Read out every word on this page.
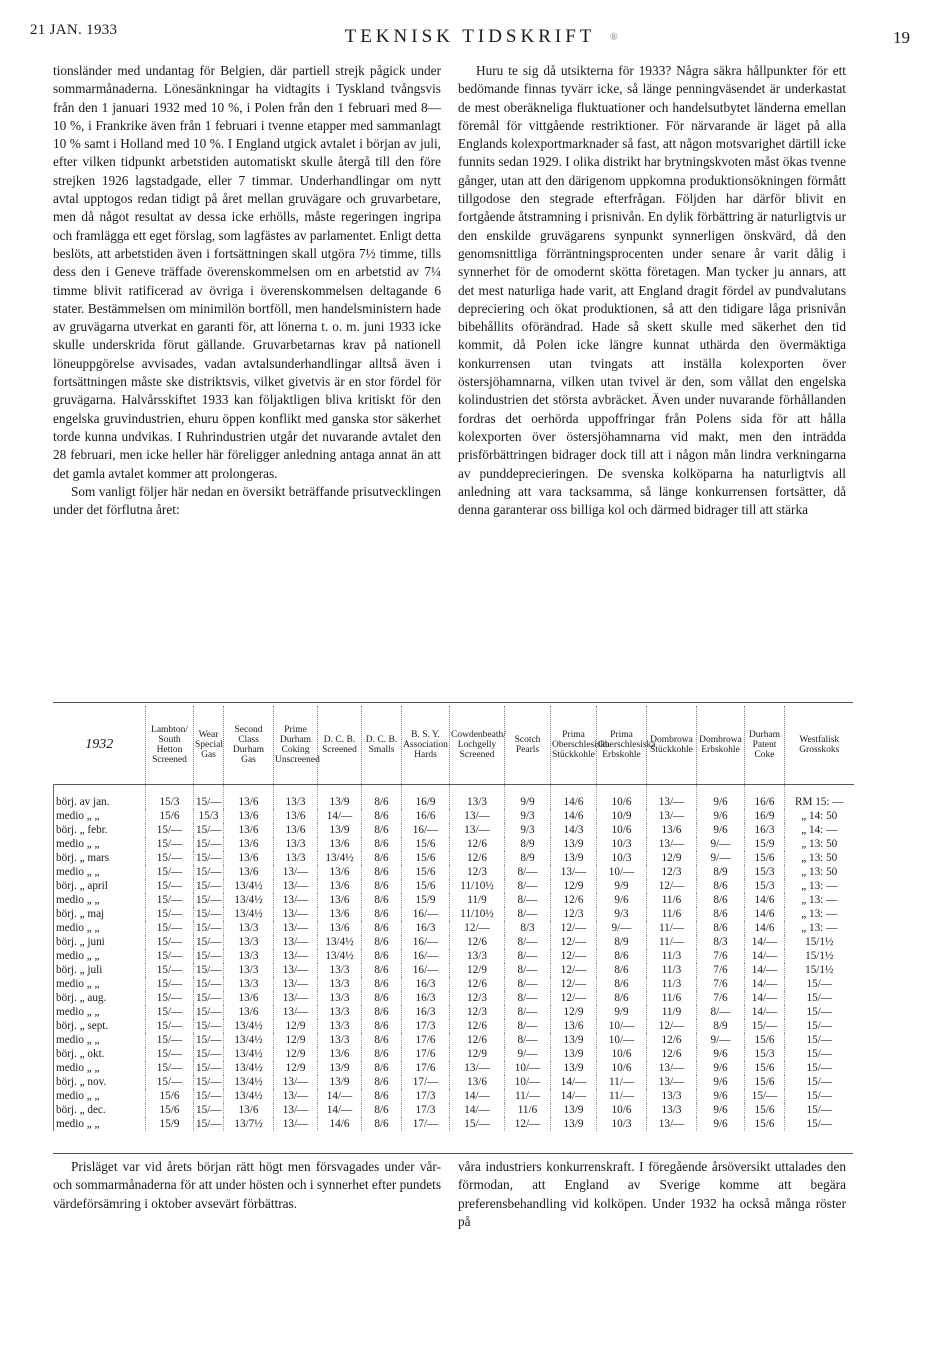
21 JAN. 1933	TEKNISK TIDSKRIFT	®	19

tionsländer med undantag för Belgien, där partiell strejk pågick under sommarmånaderna. Lönesänkningar ha vidtagits i Tyskland tvångsvis från den 1 januari 1932 med 10 %, i Polen från den 1 februari med 8—10 %, i Frankrike även från 1 februari i tvenne etapper med sammanlagt 10 % samt i Holland med 10 %. I England utgick avtalet i början av juli, efter vilken tidpunkt arbetstiden automatiskt skulle återgå till den före strejken 1926 lagstadgade, eller 7 timmar. Underhandlingar om nytt avtal upptogos redan tidigt på året mellan gruvägare och gruvarbetare, men då något resultat av dessa icke erhölls, måste regeringen ingripa och framlägga ett eget förslag, som lagfästes av parlamentet. Enligt detta beslöts, att arbetstiden även i fortsättningen skall utgöra 7½ timme, tills dess den i Geneve träffade överenskommelsen om en arbetstid av 7¼ timme blivit ratificerad av övriga i överenskommelsen deltagande 6 stater. Bestämmelsen om minimilön bortföll, men handelsministern hade av gruvägarna utverkat en garanti för, att lönerna t. o. m. juni 1933 icke skulle underskrida förut gällande. Gruvarbetarnas krav på nationell löneuppgörelse avvisades, vadan avtalsunderhandlingar alltså även i fortsättningen måste ske distriktsvis, vilket givetvis är en stor fördel för gruvägarna. Halvårsskiftet 1933 kan följaktligen bliva kritiskt för den engelska gruvindustrien, ehuru öppen konflikt med ganska stor säkerhet torde kunna undvikas. I Ruhrindustrien utgår det nuvarande avtalet den 28 februari, men icke heller här föreligger anledning antaga annat än att det gamla avtalet kommer att prolongeras.

Som vanligt följer här nedan en översikt beträffande prisutvecklingen under det förflutna året:

Huru te sig då utsikterna för 1933? Några säkra hållpunkter för ett bedömande finnas tyvärr icke, så länge penningväsendet är underkastat de mest oberäkneliga fluktuationer och handelsutbytet länderna emellan föremål för vittgående restriktioner. För närvarande är läget på alla Englands kolexportmarknader så fast, att någon motsvarighet därtill icke funnits sedan 1929. I olika distrikt har brytningskvoten måst ökas tvenne gånger, utan att den därigenom uppkomna produktionsökningen förmått tillgodose den stegrade efterfrågan. Följden har därför blivit en fortgående åtstramning i prisnivån. En dylik förbättring är naturligtvis ur den enskilde gruvägarens synpunkt synnerligen önskvärd, då den genomsnittliga förräntningsprocenten under senare år varit dålig i synnerhet för de omodernt skötta företagen. Man tycker ju annars, att det mest naturliga hade varit, att England dragit fördel av pundvalutans depreciering och ökat produktionen, så att den tidigare låga prisnivån bibehållits oförändrad. Hade så skett skulle med säkerhet den tid kommit, då Polen icke längre kunnat uthärda den övermäktiga konkurrensen utan tvingats att inställa kolexporten över östersjöhamnarna, vilken utan tvivel är den, som vållat den engelska kolindustrien det största avbräcket. Även under nuvarande förhållanden fordras det oerhörda uppoffringar från Polens sida för att hålla kolexporten över östersjöhamnarna vid makt, men den inträdda prisförbättringen bidrager dock till att i någon mån lindra verkningarna av punddeprecieringen. De svenska kolköparna ha naturligtvis all anledning att vara tacksamma, så länge konkurrensen fortsätter, då denna garanterar oss billiga kol och därmed bidrager till att stärka

1932	Lambton/ South Hetton Screened	Wear Special Gas	Second Class Durham Gas	Prime Durham Coking Unscreened	D. C. B. Screened	D. C. B. Smalls	B. S. Y. Association Hards	Cowdenbeath/ Lochgelly Screened	Scotch Pearls	Prima Oberschlesiska Stückkohle	Prima Oberschlesiska Erbskohle	Dombrowa Stückkohle	Dombrowa Erbskohle	Durham Patent Coke	Westfalisk Grosskoks
börj. av jan.	15/3	15/—	13/6	13/3	13/9	8/6	16/9	13/3	9/9	14/6	10/6	13/—	9/6	16/6	RM 15: —
medio „ „	15/6	15/3	13/6	13/6	14/—	8/6	16/6	13/—	9/3	14/6	10/9	13/—	9/6	16/9	„ 14: 50
börj. „ febr.	15/—	15/—	13/6	13/6	13/9	8/6	16/—	13/—	9/3	14/3	10/6	13/6	9/6	16/3	„ 14: —
medio „ „	15/—	15/—	13/6	13/3	13/6	8/6	15/6	12/6	8/9	13/9	10/3	13/—	9/—	15/9	„ 13: 50
börj. „ mars	15/—	15/—	13/6	13/3	13/4½	8/6	15/6	12/6	8/9	13/9	10/3	12/9	9/—	15/6	„ 13: 50
medio „ „	15/—	15/—	13/6	13/—	13/6	8/6	15/6	12/3	8/—	13/—	10/—	12/3	8/9	15/3	„ 13: 50
börj. „ april	15/—	15/—	13/4½	13/—	13/6	8/6	15/6	11/10½	8/—	12/9	9/9	12/—	8/6	15/3	„ 13: —
medio „ „	15/—	15/—	13/4½	13/—	13/6	8/6	15/9	11/9	8/—	12/6	9/6	11/6	8/6	14/6	„ 13: —
börj. „ maj	15/—	15/—	13/4½	13/—	13/6	8/6	16/—	11/10½	8/—	12/3	9/3	11/6	8/6	14/6	„ 13: —
medio „ „	15/—	15/—	13/3	13/—	13/6	8/6	16/3	12/—	8/3	12/—	9/—	11/—	8/6	14/6	„ 13: —
börj. „ juni	15/—	15/—	13/3	13/—	13/4½	8/6	16/—	12/6	8/—	12/—	8/9	11/—	8/3	14/—	15/1½
medio „ „	15/—	15/—	13/3	13/—	13/4½	8/6	16/—	13/3	8/—	12/—	8/6	11/3	7/6	14/—	15/1½
börj. „ juli	15/—	15/—	13/3	13/—	13/3	8/6	16/—	12/9	8/—	12/—	8/6	11/3	7/6	14/—	15/1½
medio „ „	15/—	15/—	13/3	13/—	13/3	8/6	16/3	12/6	8/—	12/—	8/6	11/3	7/6	14/—	15/—
börj. „ aug.	15/—	15/—	13/6	13/—	13/3	8/6	16/3	12/3	8/—	12/—	8/6	11/6	7/6	14/—	15/—
medio „ „	15/—	15/—	13/6	13/—	13/3	8/6	16/3	12/3	8/—	12/9	9/9	11/9	8/—	14/—	15/—
börj. „ sept.	15/—	15/—	13/4½	12/9	13/3	8/6	17/3	12/6	8/—	13/6	10/—	12/—	8/9	15/—	15/—
medio „ „	15/—	15/—	13/4½	12/9	13/3	8/6	17/6	12/6	8/—	13/9	10/—	12/6	9/—	15/6	15/—
börj. „ okt.	15/—	15/—	13/4½	12/9	13/6	8/6	17/6	12/9	9/—	13/9	10/6	12/6	9/6	15/3	15/—
medio „ „	15/—	15/—	13/4½	12/9	13/9	8/6	17/6	13/—	10/—	13/9	10/6	13/—	9/6	15/6	15/—
börj. „ nov.	15/—	15/—	13/4½	13/—	13/9	8/6	17/—	13/6	10/—	14/—	11/—	13/—	9/6	15/6	15/—
medio „ „	15/6	15/—	13/4½	13/—	14/—	8/6	17/3	14/—	11/—	14/—	11/—	13/3	9/6	15/—	15/—
börj. „ dec.	15/6	15/—	13/6	13/—	14/—	8/6	17/3	14/—	11/6	13/9	10/6	13/3	9/6	15/6	15/—
medio „ „	15/9	15/—	13/7½	13/—	14/6	8/6	17/—	15/—	12/—	13/9	10/3	13/—	9/6	15/6	15/—

Prisläget var vid årets början rätt högt men försvagades under vår- och sommarmånaderna för att under hösten och i synnerhet efter pundets värdeförsämring i oktober avsevärt förbättras.

våra industriers konkurrenskraft. I föregående årsöversikt uttalades den förmodan, att England av Sverige komme att begära preferensbehandling vid kolköpen. Under 1932 ha också många röster på
